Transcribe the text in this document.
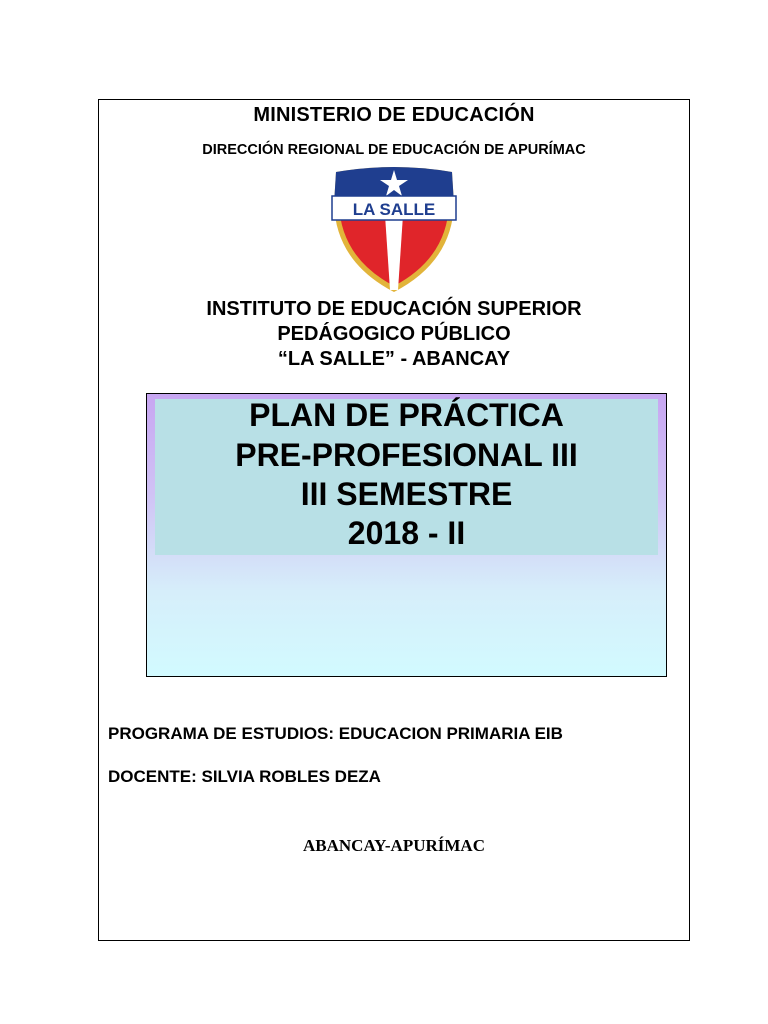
MINISTERIO DE EDUCACIÓN
DIRECCIÓN REGIONAL DE EDUCACIÓN DE APURÍMAC
LA SALLE
INSTITUTO DE EDUCACIÓN SUPERIOR
PEDÁGOGICO PÚBLICO
“LA SALLE” - ABANCAY
PLAN DE PRÁCTICA
PRE-PROFESIONAL III
III SEMESTRE
2018 - II
PROGRAMA DE ESTUDIOS: EDUCACION PRIMARIA EIB
DOCENTE: SILVIA ROBLES DEZA
ABANCAY-APURÍMAC
